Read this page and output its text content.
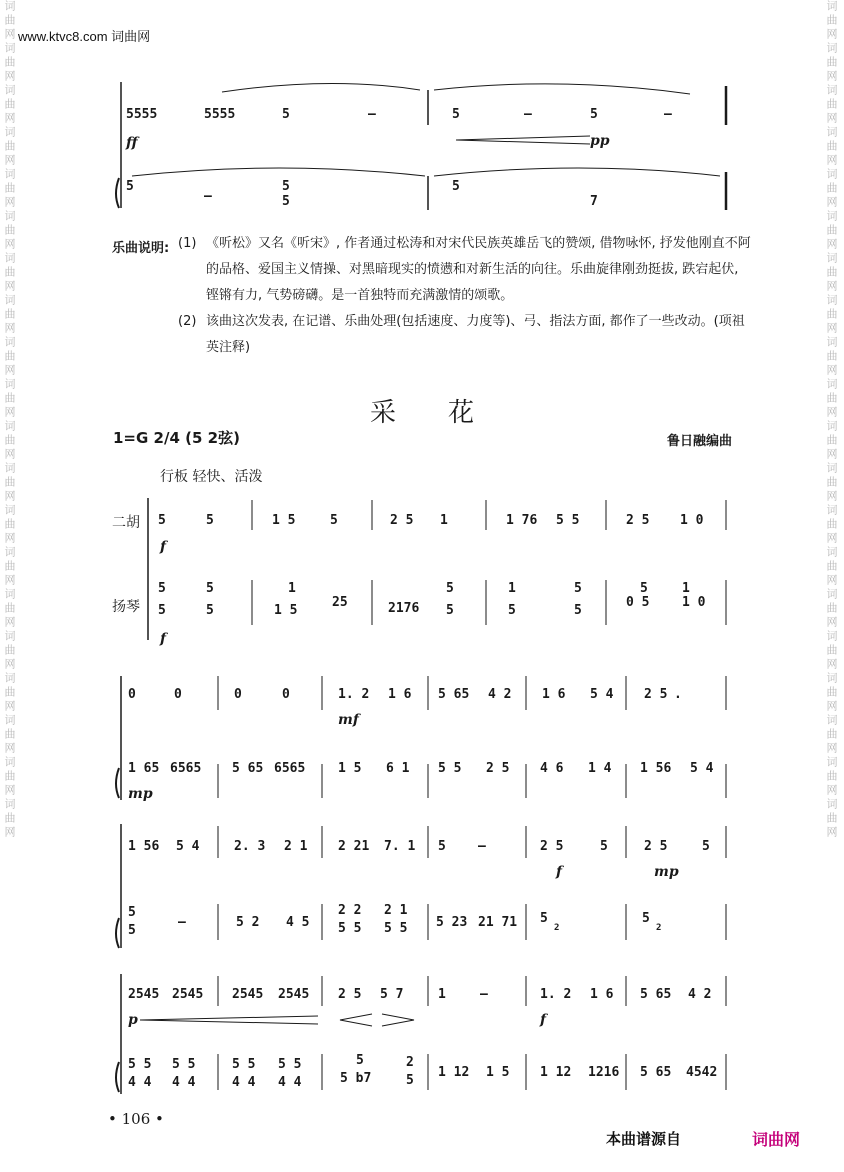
www.ktvc8.com 词曲网
词曲网词曲网词曲网词曲网词曲网词曲网词曲网词曲网词曲网词曲网词曲网词曲网词曲网词曲网词曲网词曲网词曲网词曲网词曲网词曲网	词曲网词曲网词曲网词曲网词曲网词曲网词曲网词曲网词曲网词曲网词曲网词曲网词曲网词曲网词曲网词曲网词曲网词曲网词曲网词曲网
5555	5555	5	–	5	–	5	–
ff	pp
5
–
5
5
5
7
5	5	1 5	5	2 5 1	1 76 5 5	2 5 1 0
f
5	5	1	5
2176
1	5	5	1
5	5	1 5
25
5	5	5
0 5	1 0
f
0	0	0	0	1. 2 1 6 5 65 4 2 1 6 5 4 2 5 .
mf
1 65 6565 5 65 6565	1 5 6 1 5 5 2 5 4 6 1 4 1 56 5 4
mp
1 56 5 4	2. 3 2 1 2 21 7. 1 5 –	2 5	5	2 5	5
f	mp
5
5
–	5 2 4 5
2 2 2 1
5 5 5 5 5 23 21 71 5
2
5
2
2545 2545 2545 2545 2 5 5 7	1	–	1. 2 1 6 5 65 4 2
p	f
5 5 5 5	5 5 5 5	5	2
1 12 1 5 1 12 1216 5 65 4542
4 4 4 4	4 4 4 4	5 b7	5
乐曲说明: (1) 《听松》又名《听宋》, 作者通过松涛和对宋代民族英雄岳飞的赞颂, 借物咏怀, 抒发他刚直不阿
的品格、爱国主义情操、对黑暗现实的愤懑和对新生活的向往。乐曲旋律刚劲挺拔, 跌宕起伏,
铿锵有力, 气势磅礴。是一首独特而充满激情的颂歌。
(2) 该曲这次发表, 在记谱、乐曲处理(包括速度、力度等)、弓、指法方面, 都作了一些改动。(项祖
英注释)
采花
1=G 2/4 (5 2弦)	鲁日融编曲
行板 轻快、活泼
二胡
扬琴
• 106 •
本曲谱源自	词曲网
